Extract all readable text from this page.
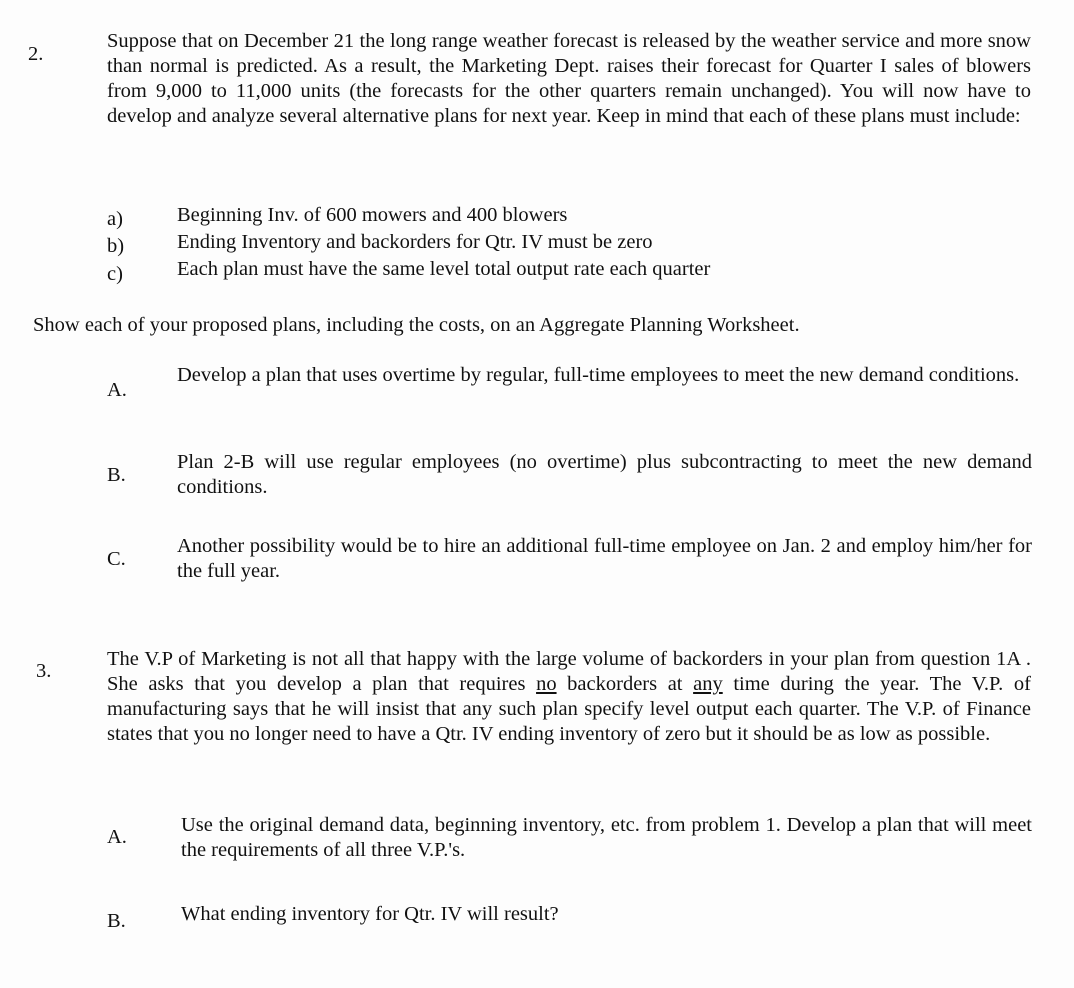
2.
Suppose that on December 21 the long range weather forecast is released by the weather service and more snow than normal is predicted. As a result, the Marketing Dept. raises their forecast for Quarter I sales of blowers from 9,000 to 11,000 units (the forecasts for the other quarters remain unchanged). You will now have to develop and analyze several alternative plans for next year. Keep in mind that each of these plans must include:
a)	Beginning Inv. of 600 mowers and 400 blowers
b)	Ending Inventory and backorders for Qtr. IV must be zero
c)	Each plan must have the same level total output rate each quarter
Show each of your proposed plans, including the costs, on an Aggregate Planning Worksheet.
A.
Develop a plan that uses overtime by regular, full-time employees to meet the new demand conditions.
B.
Plan 2-B will use regular employees (no overtime) plus subcontracting to meet the new demand conditions.
C.
Another possibility would be to hire an additional full-time employee on Jan. 2 and employ him/her for the full year.
3.
The V.P of Marketing is not all that happy with the large volume of backorders in your plan from question 1A . She asks that you develop a plan that requires no backorders at any time during the year. The V.P. of manufacturing says that he will insist that any such plan specify level output each quarter. The V.P. of Finance states that you no longer need to have a Qtr. IV ending inventory of zero but it should be as low as possible.
A.
Use the original demand data, beginning inventory, etc. from problem 1. Develop a plan that will meet the requirements of all three V.P.'s.
B.	What ending inventory for Qtr. IV will result?
